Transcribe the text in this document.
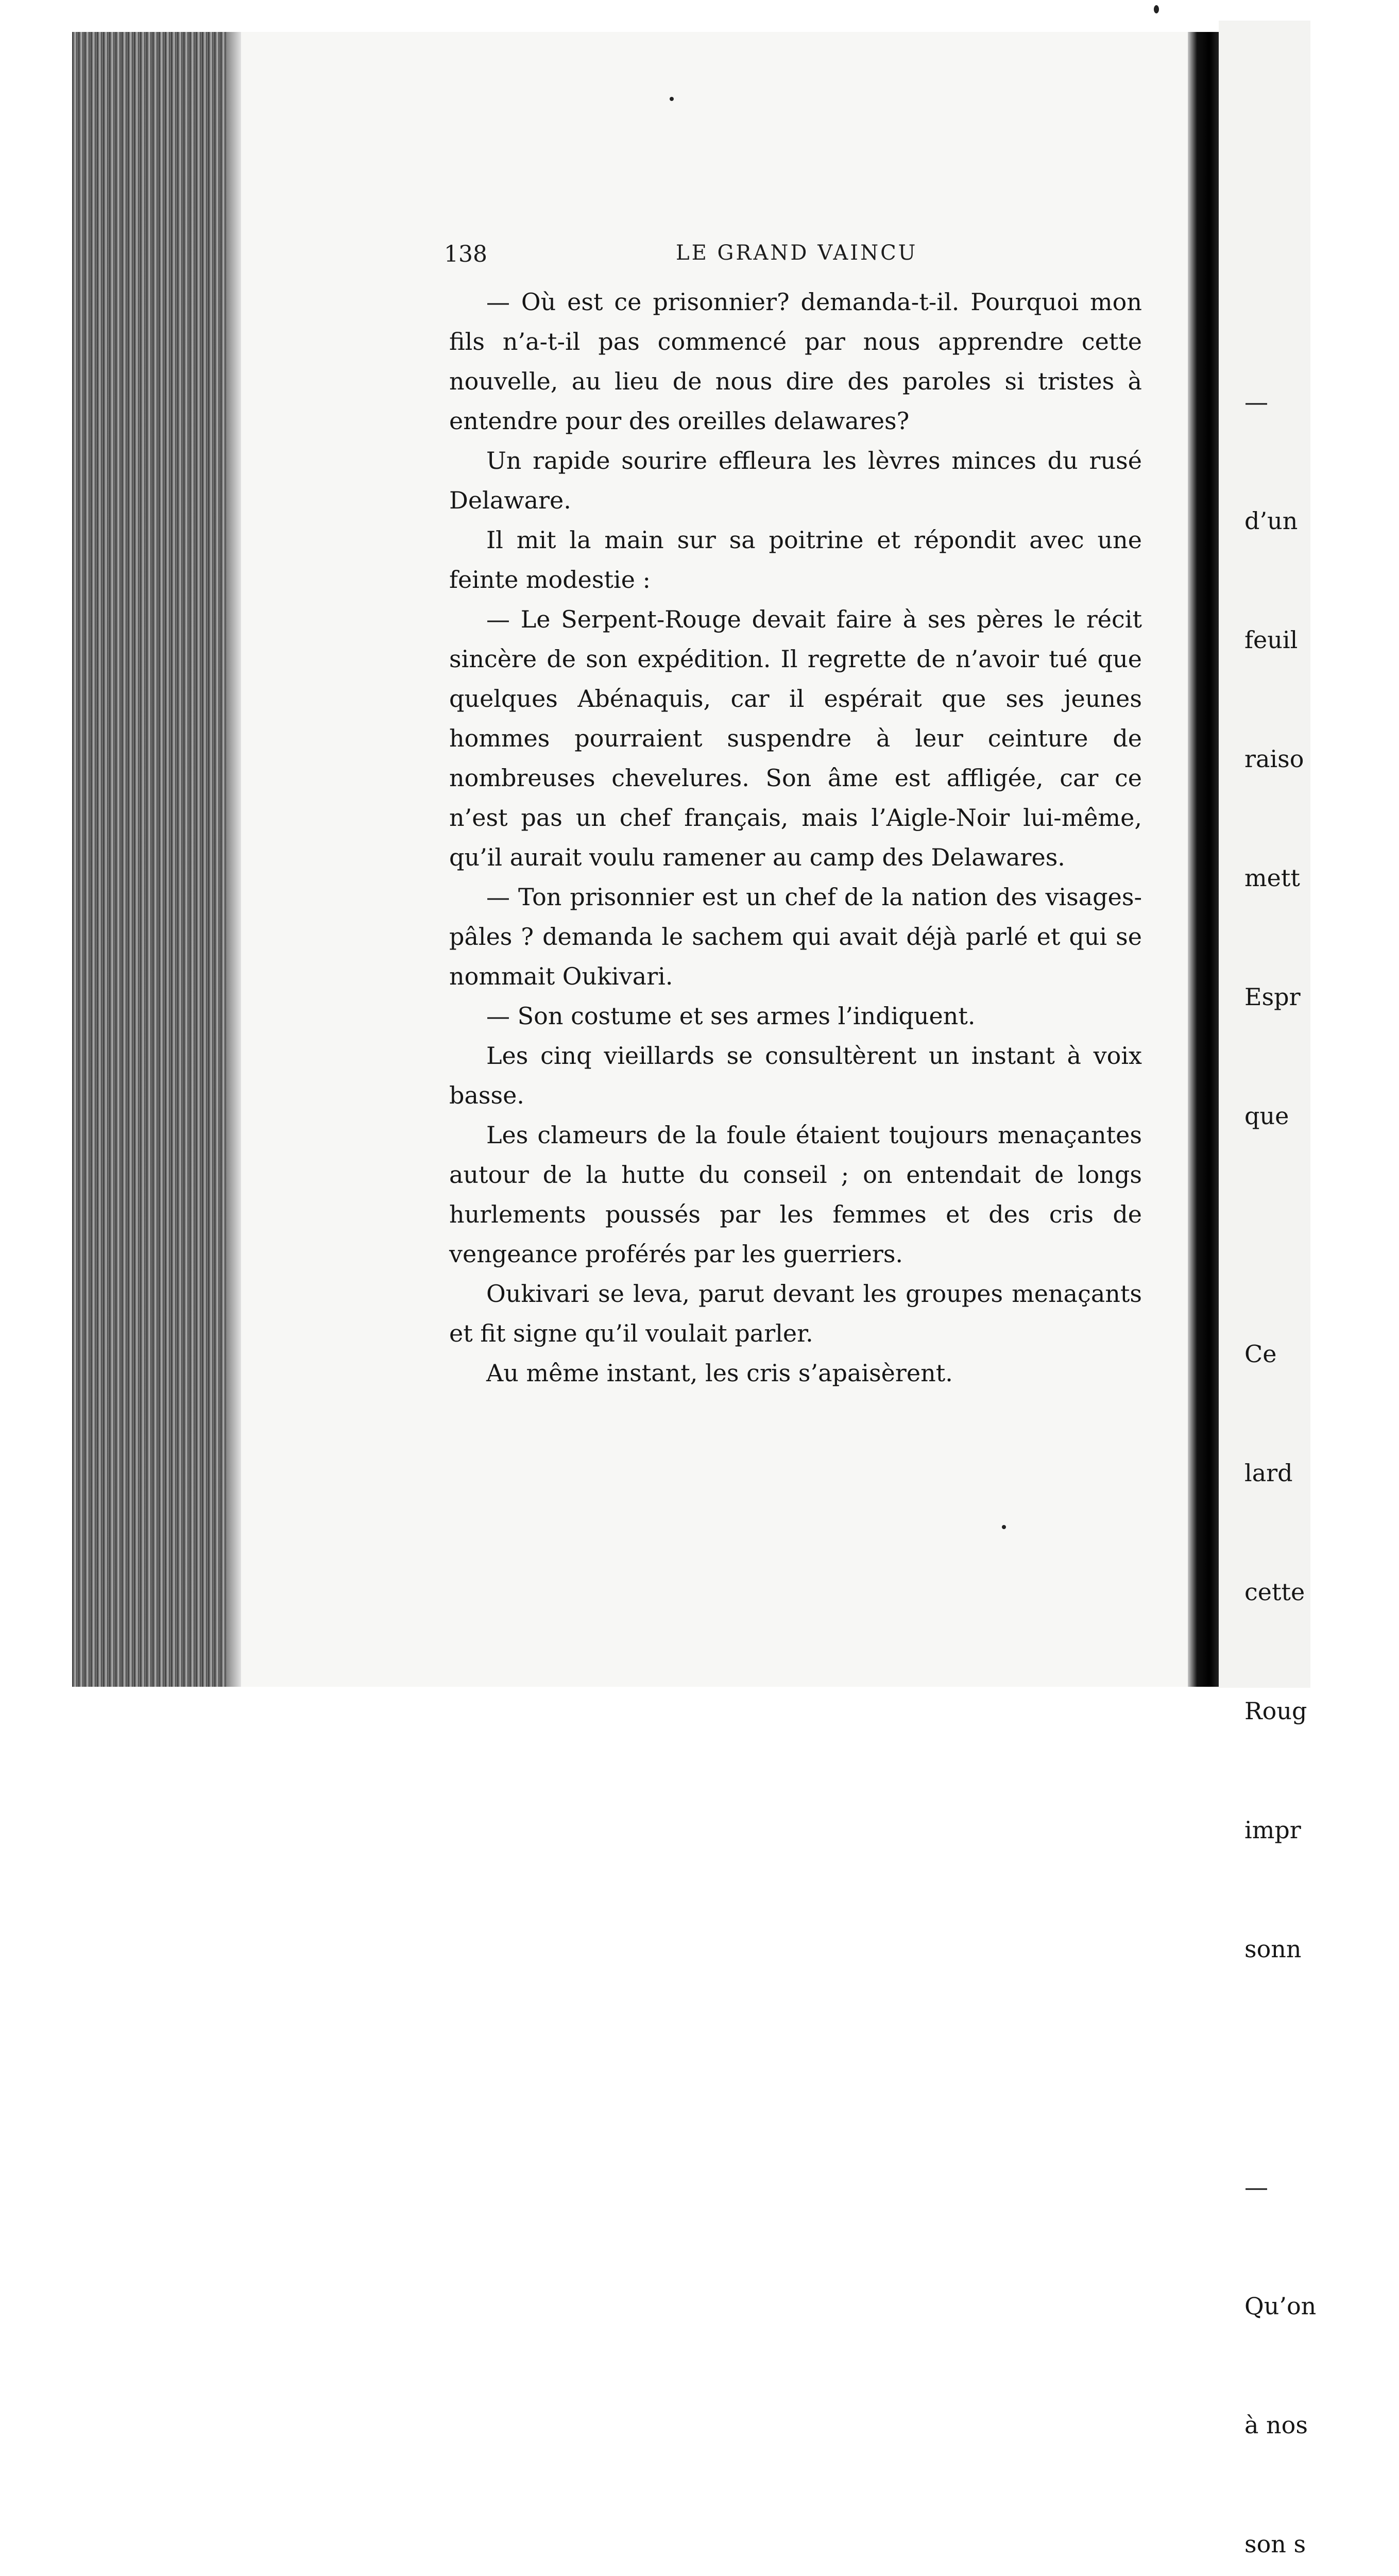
138	LE GRAND VAINCU

— Où est ce prisonnier? demanda-t-il. Pourquoi mon fils n’a-t-il pas commencé par nous apprendre cette nouvelle, au lieu de nous dire des paroles si tristes à entendre pour des oreilles delawares?

Un rapide sourire effleura les lèvres minces du rusé Delaware.

Il mit la main sur sa poitrine et répondit avec une feinte modestie :

— Le Serpent-Rouge devait faire à ses pères le récit sincère de son expédition. Il regrette de n’avoir tué que quelques Abénaquis, car il espérait que ses jeunes hommes pourraient suspendre à leur ceinture de nombreuses chevelures. Son âme est affligée, car ce n’est pas un chef français, mais l’Aigle-Noir lui-même, qu’il aurait voulu ramener au camp des Delawares.

— Ton prisonnier est un chef de la nation des visages-pâles ? demanda le sachem qui avait déjà parlé et qui se nommait Oukivari.

— Son costume et ses armes l’indiquent.

Les cinq vieillards se consultèrent un instant à voix basse.

Les clameurs de la foule étaient toujours menaçantes autour de la hutte du conseil ; on entendait de longs hurlements poussés par les femmes et des cris de vengeance proférés par les guerriers.

Oukivari se leva, parut devant les groupes menaçants et fit signe qu’il voulait parler.

Au même instant, les cris s’apaisèrent.

—

d’un

feuil

raiso

mett

Espr

que

Ce

lard

cette

Roug

impr

sonn

—

Qu’on

à nos

son s
